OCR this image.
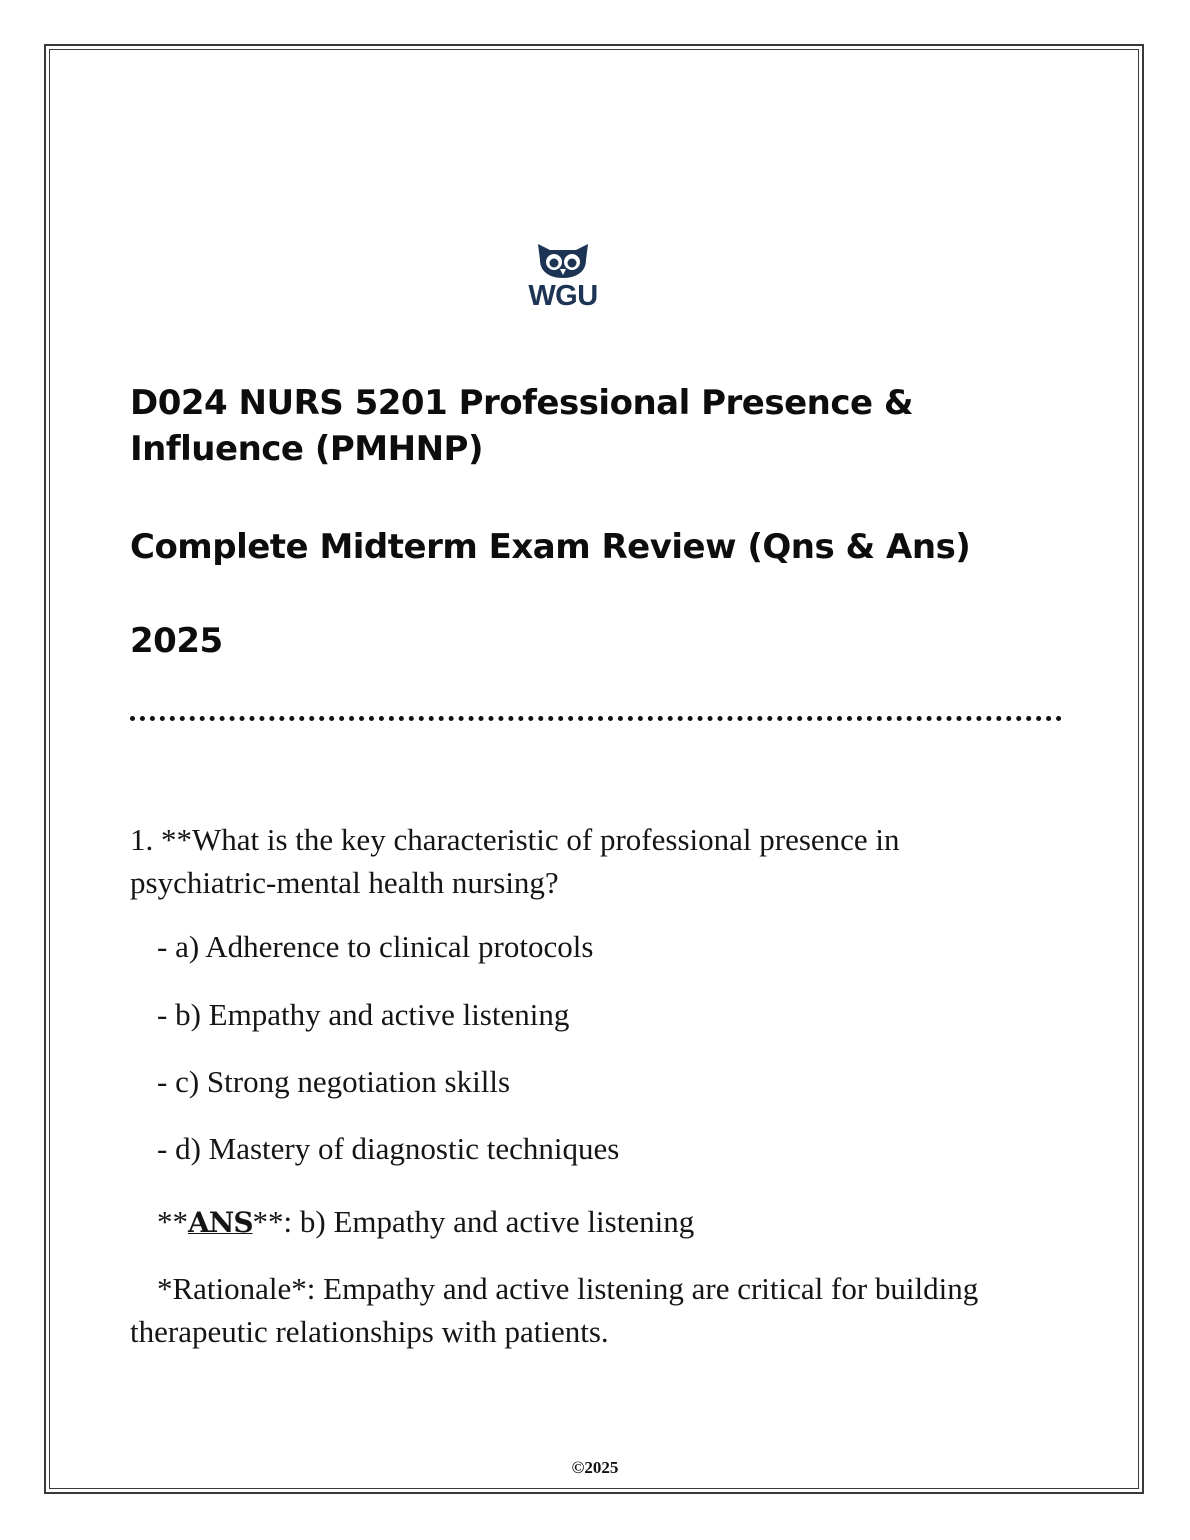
WGU
D024 NURS 5201 Professional Presence & Influence (PMHNP)
Complete Midterm Exam Review (Qns & Ans)
2025
1. **What is the key characteristic of professional presence in psychiatric-mental health nursing?
- a) Adherence to clinical protocols
- b) Empathy and active listening
- c) Strong negotiation skills
- d) Mastery of diagnostic techniques
**ANS**: b) Empathy and active listening
*Rationale*: Empathy and active listening are critical for building therapeutic relationships with patients.
©2025
